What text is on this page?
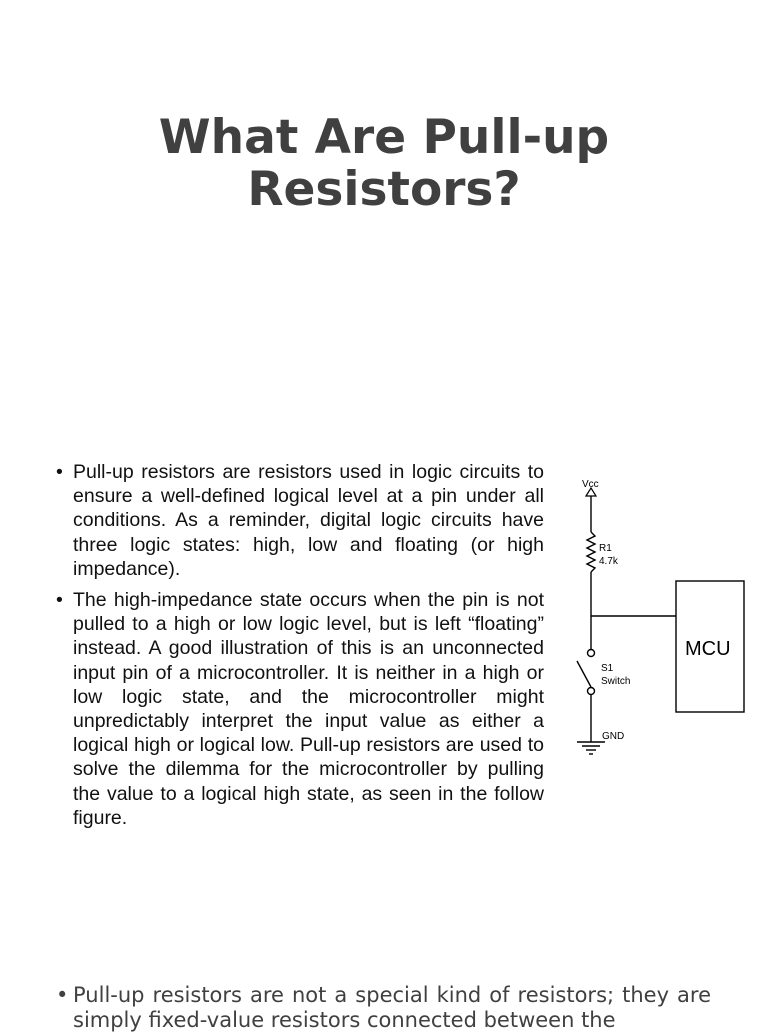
What Are Pull-up
Resistors?
• Pull-up resistors are resistors used in logic circuits to ensure a well-defined logical level at a pin under all conditions. As a reminder, digital logic circuits have three logic states: high, low and floating (or high impedance).
• The high-impedance state occurs when the pin is not pulled to a high or low logic level, but is left “floating” instead. A good illustration of this is an unconnected input pin of a microcontroller. It is neither in a high or low logic state, and the microcontroller might unpredictably interpret the input value as either a logical high or logical low. Pull-up resistors are used to solve the dilemma for the microcontroller by pulling the value to a logical high state, as seen in the follow figure.
Vcc
R1
4.7k
MCU
S1
Switch
GND
• Pull-up resistors are not a special kind of resistors; they are simply fixed-value resistors connected between the
